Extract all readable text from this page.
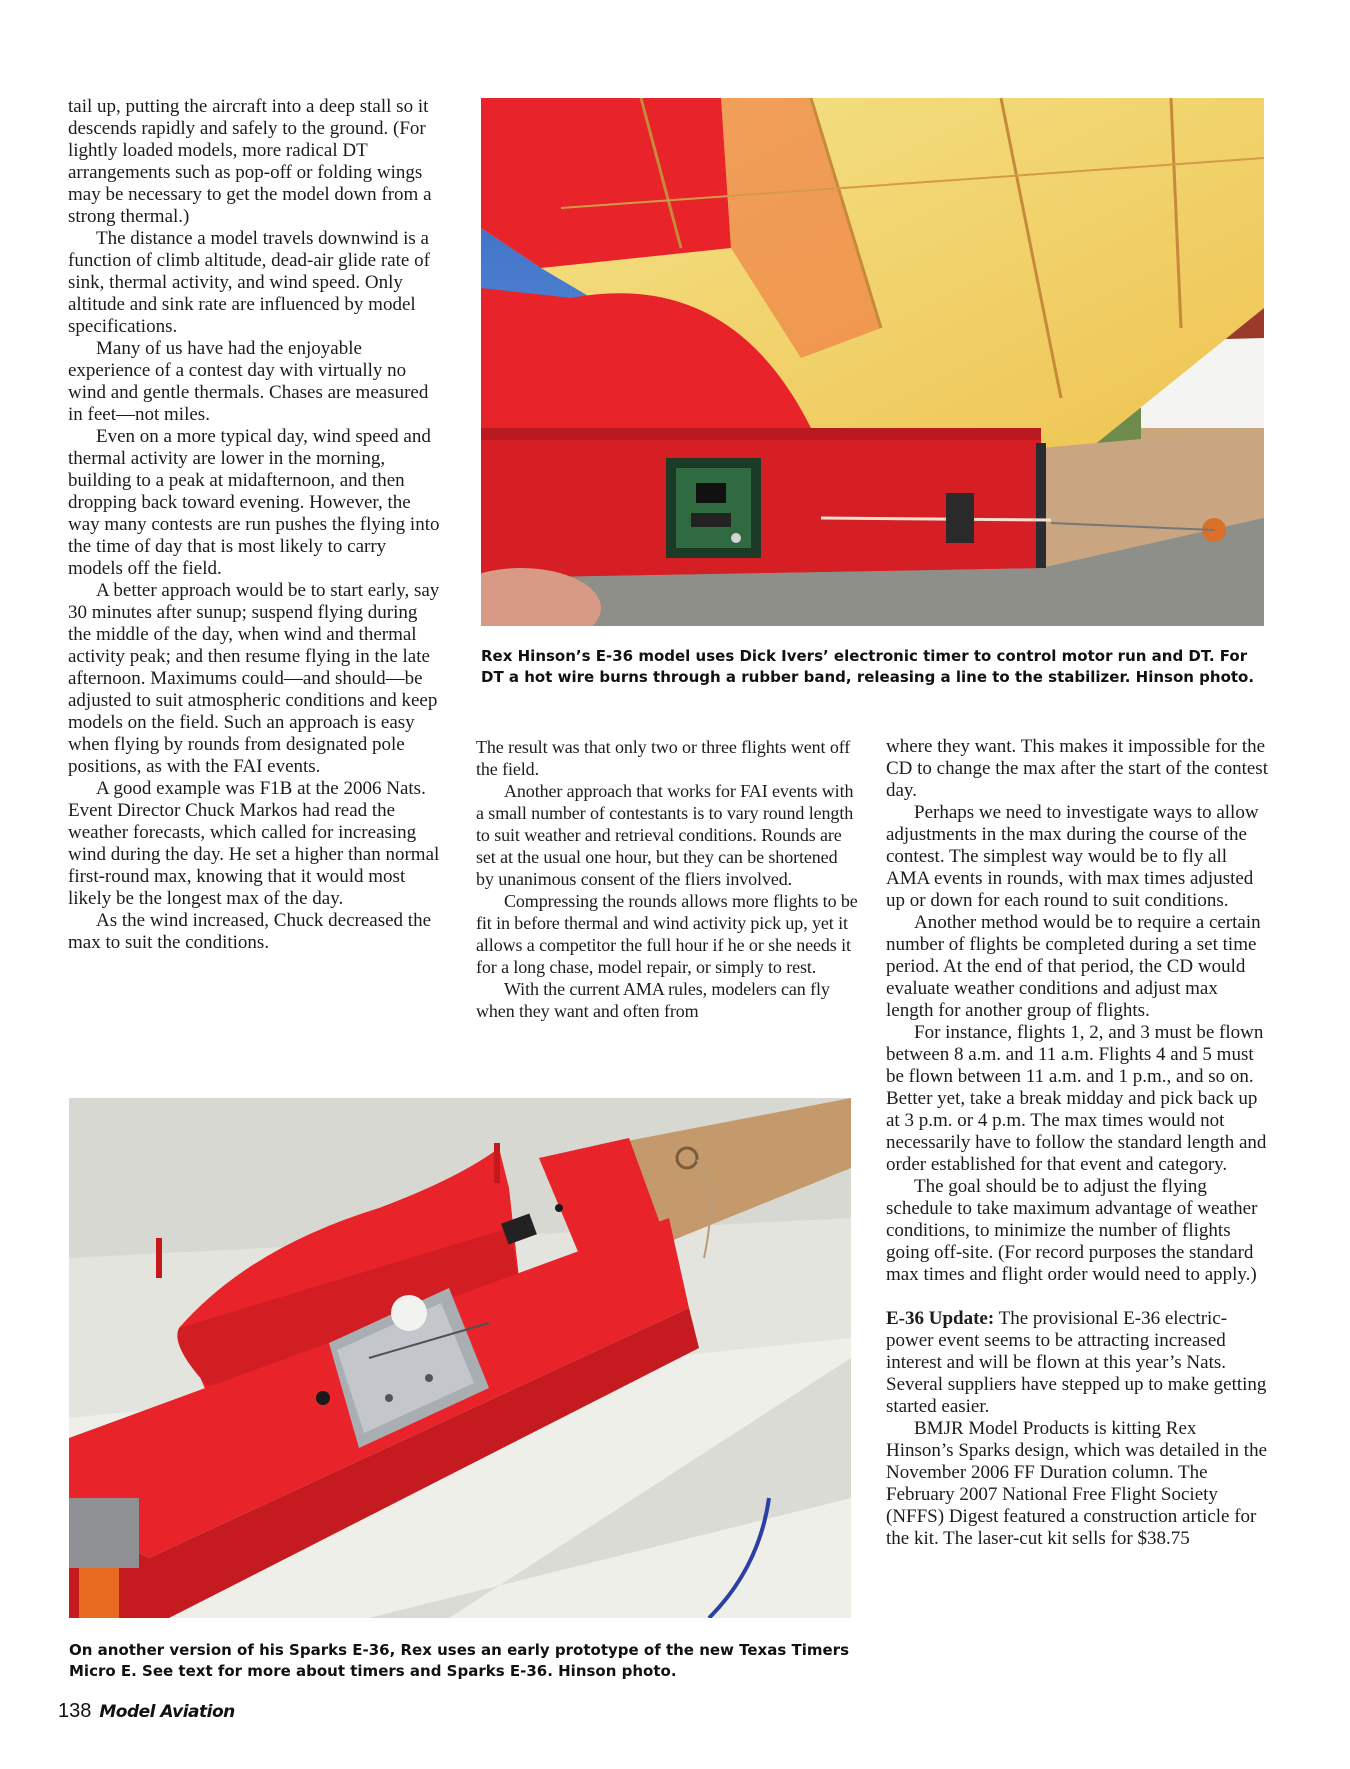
tail up, putting the aircraft into a deep stall so it descends rapidly and safely to the ground. (For lightly loaded models, more radical DT arrangements such as pop-off or folding wings may be necessary to get the model down from a strong thermal.)

The distance a model travels downwind is a function of climb altitude, dead-air glide rate of sink, thermal activity, and wind speed. Only altitude and sink rate are influenced by model specifications.

Many of us have had the enjoyable experience of a contest day with virtually no wind and gentle thermals. Chases are measured in feet—not miles.

Even on a more typical day, wind speed and thermal activity are lower in the morning, building to a peak at midafternoon, and then dropping back toward evening. However, the way many contests are run pushes the flying into the time of day that is most likely to carry models off the field.

A better approach would be to start early, say 30 minutes after sunup; suspend flying during the middle of the day, when wind and thermal activity peak; and then resume flying in the late afternoon. Maximums could—and should—be adjusted to suit atmospheric conditions and keep models on the field. Such an approach is easy when flying by rounds from designated pole positions, as with the FAI events.

A good example was F1B at the 2006 Nats. Event Director Chuck Markos had read the weather forecasts, which called for increasing wind during the day. He set a higher than normal first-round max, knowing that it would most likely be the longest max of the day.

As the wind increased, Chuck decreased the max to suit the conditions.

Rex Hinson’s E-36 model uses Dick Ivers’ electronic timer to control motor run and DT. For DT a hot wire burns through a rubber band, releasing a line to the stabilizer. Hinson photo.

The result was that only two or three flights went off the field.

Another approach that works for FAI events with a small number of contestants is to vary round length to suit weather and retrieval conditions. Rounds are set at the usual one hour, but they can be shortened by unanimous consent of the fliers involved.

Compressing the rounds allows more flights to be fit in before thermal and wind activity pick up, yet it allows a competitor the full hour if he or she needs it for a long chase, model repair, or simply to rest.

With the current AMA rules, modelers can fly when they want and often from

where they want. This makes it impossible for the CD to change the max after the start of the contest day.

Perhaps we need to investigate ways to allow adjustments in the max during the course of the contest. The simplest way would be to fly all AMA events in rounds, with max times adjusted up or down for each round to suit conditions.

Another method would be to require a certain number of flights be completed during a set time period. At the end of that period, the CD would evaluate weather conditions and adjust max length for another group of flights.

For instance, flights 1, 2, and 3 must be flown between 8 a.m. and 11 a.m. Flights 4 and 5 must be flown between 11 a.m. and 1 p.m., and so on. Better yet, take a break midday and pick back up at 3 p.m. or 4 p.m. The max times would not necessarily have to follow the standard length and order established for that event and category.

The goal should be to adjust the flying schedule to take maximum advantage of weather conditions, to minimize the number of flights going off-site. (For record purposes the standard max times and flight order would need to apply.)

E-36 Update: The provisional E-36 electric-power event seems to be attracting increased interest and will be flown at this year’s Nats. Several suppliers have stepped up to make getting started easier.

BMJR Model Products is kitting Rex Hinson’s Sparks design, which was detailed in the November 2006 FF Duration column. The February 2007 National Free Flight Society (NFFS) Digest featured a construction article for the kit. The laser-cut kit sells for $38.75

On another version of his Sparks E-36, Rex uses an early prototype of the new Texas Timers Micro E. See text for more about timers and Sparks E-36. Hinson photo.
138 Model Aviation
